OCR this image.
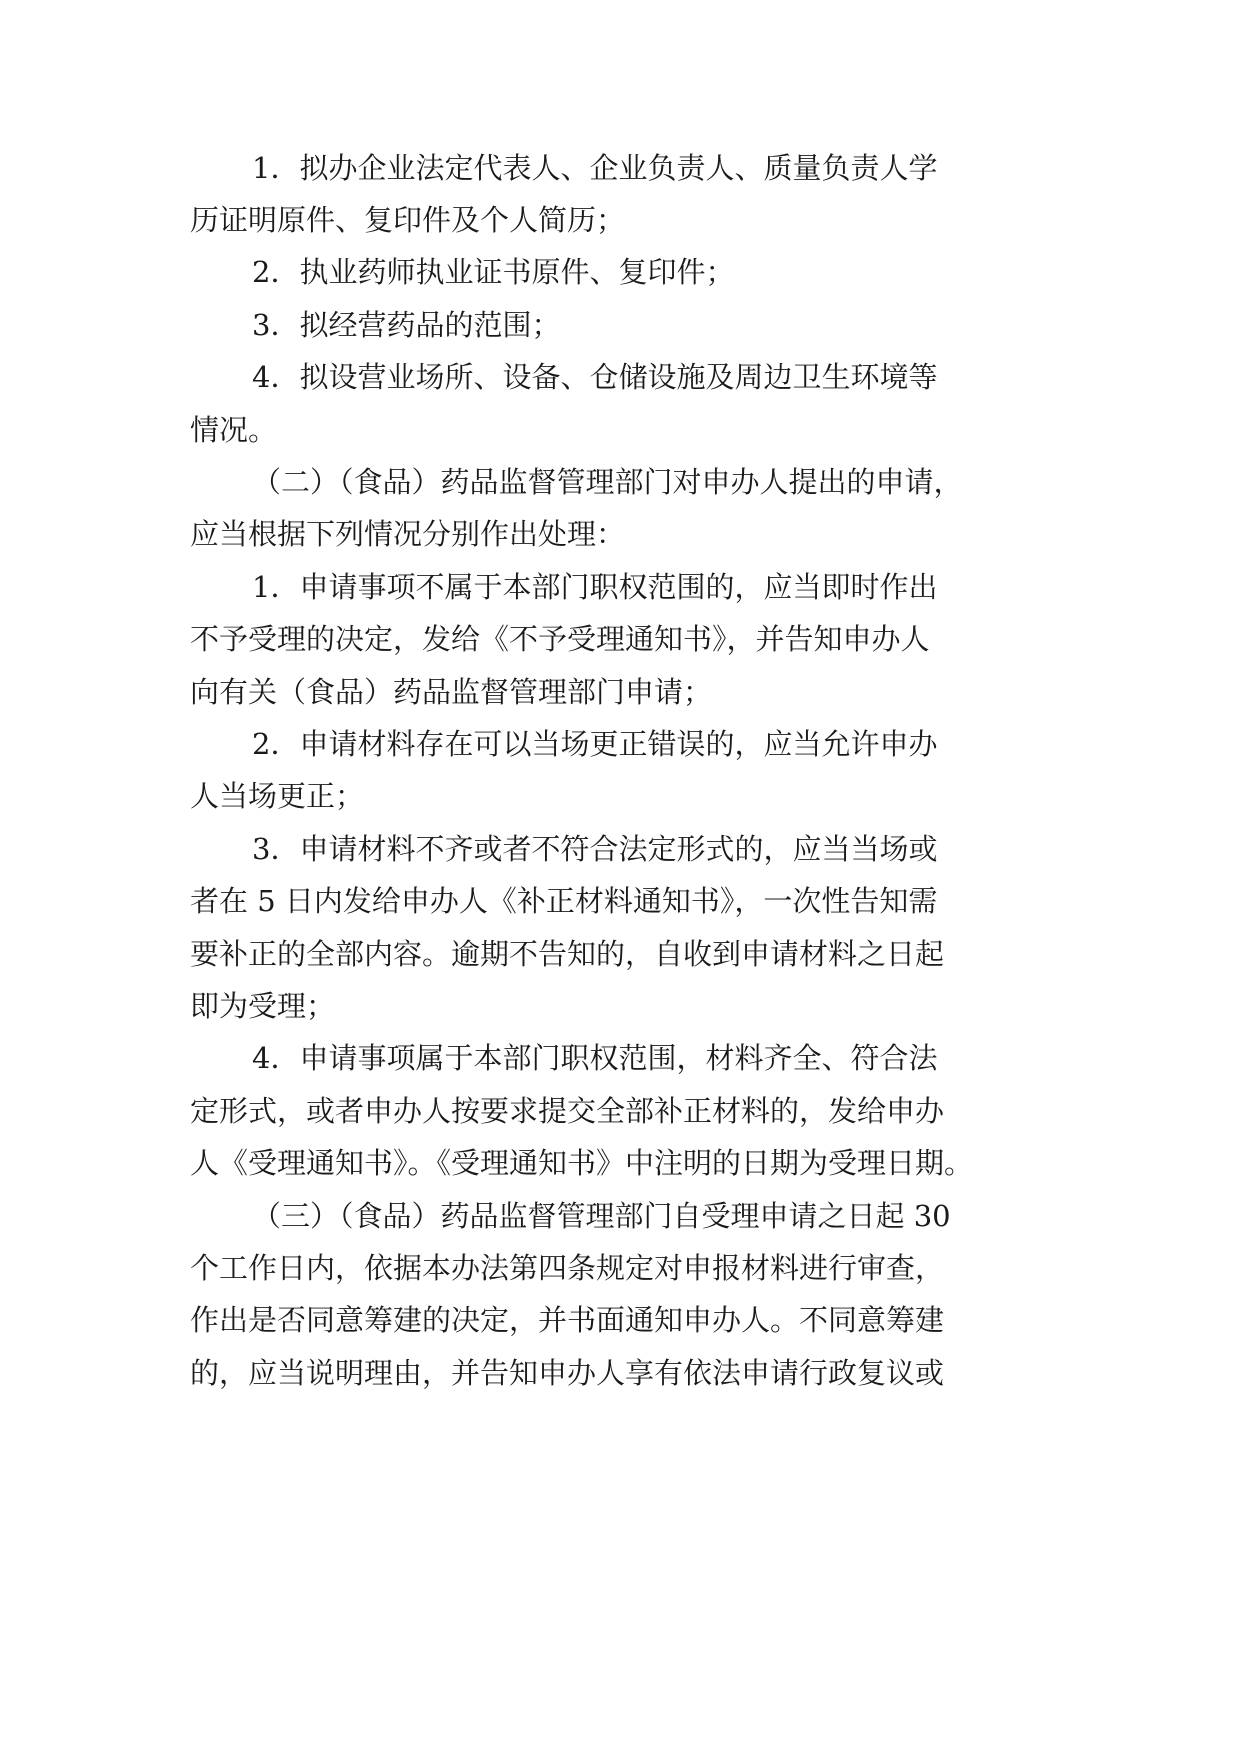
1．拟办企业法定代表人、企业负责人、质量负责人学
历证明原件、复印件及个人简历；
2．执业药师执业证书原件、复印件；
3．拟经营药品的范围；
4．拟设营业场所、设备、仓储设施及周边卫生环境等
情况。
（二）（食品）药品监督管理部门对申办人提出的申请，
应当根据下列情况分别作出处理：
1．申请事项不属于本部门职权范围的，应当即时作出
不予受理的决定，发给《不予受理通知书》，并告知申办人
向有关（食品）药品监督管理部门申请；
2．申请材料存在可以当场更正错误的，应当允许申办
人当场更正；
3．申请材料不齐或者不符合法定形式的，应当当场或
者在 5 日内发给申办人《补正材料通知书》，一次性告知需
要补正的全部内容。逾期不告知的，自收到申请材料之日起
即为受理；
4．申请事项属于本部门职权范围，材料齐全、符合法
定形式，或者申办人按要求提交全部补正材料的，发给申办
人《受理通知书》。《受理通知书》中注明的日期为受理日期。
（三）（食品）药品监督管理部门自受理申请之日起 30
个工作日内，依据本办法第四条规定对申报材料进行审查，
作出是否同意筹建的决定，并书面通知申办人。不同意筹建
的，应当说明理由，并告知申办人享有依法申请行政复议或
